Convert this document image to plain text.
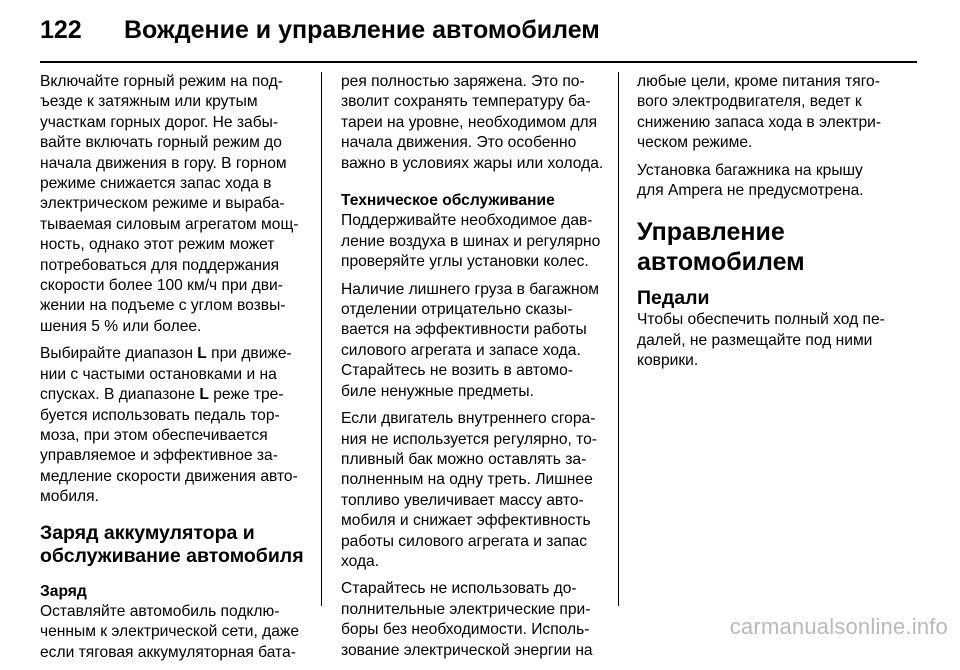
122	Вождение и управление автомобилем

Включайте горный режим на под-
ъезде к затяжным или крутым
участкам горных дорог. Не забы-
вайте включать горный режим до
начала движения в гору. В горном
режиме снижается запас хода в
электрическом режиме и выраба-
тываемая силовым агрегатом мощ-
ность, однако этот режим может
потребоваться для поддержания
скорости более 100 км/ч при дви-
жении на подъеме с углом возвы-
шения 5 % или более.

Выбирайте диапазон L при движе-
нии с частыми остановками и на
спусках. В диапазоне L реже тре-
буется использовать педаль тор-
моза, при этом обеспечивается
управляемое и эффективное за-
медление скорости движения авто-
мобиля.

Заряд аккумулятора и
обслуживание автомобиля
Заряд

Оставляйте автомобиль подклю-
ченным к электрической сети, даже
если тяговая аккумуляторная бата-

рея полностью заряжена. Это по-
зволит сохранять температуру ба-
тареи на уровне, необходимом для
начала движения. Это особенно
важно в условиях жары или холода.

Техническое обслуживание

Поддерживайте необходимое дав-
ление воздуха в шинах и регулярно
проверяйте углы установки колес.

Наличие лишнего груза в багажном
отделении отрицательно сказы-
вается на эффективности работы
силового агрегата и запасе хода.
Старайтесь не возить в автомо-
биле ненужные предметы.

Если двигатель внутреннего сгора-
ния не используется регулярно, то-
пливный бак можно оставлять за-
полненным на одну треть. Лишнее
топливо увеличивает массу авто-
мобиля и снижает эффективность
работы силового агрегата и запас
хода.

Старайтесь не использовать до-
полнительные электрические при-
боры без необходимости. Исполь-
зование электрической энергии на

любые цели, кроме питания тяго-
вого электродвигателя, ведет к
снижению запаса хода в электри-
ческом режиме.

Установка багажника на крышу
для Ampera не предусмотрена.

Управление
автомобилем
Педали

Чтобы обеспечить полный ход пе-
далей, не размещайте под ними
коврики.

carmanualsonline.info
